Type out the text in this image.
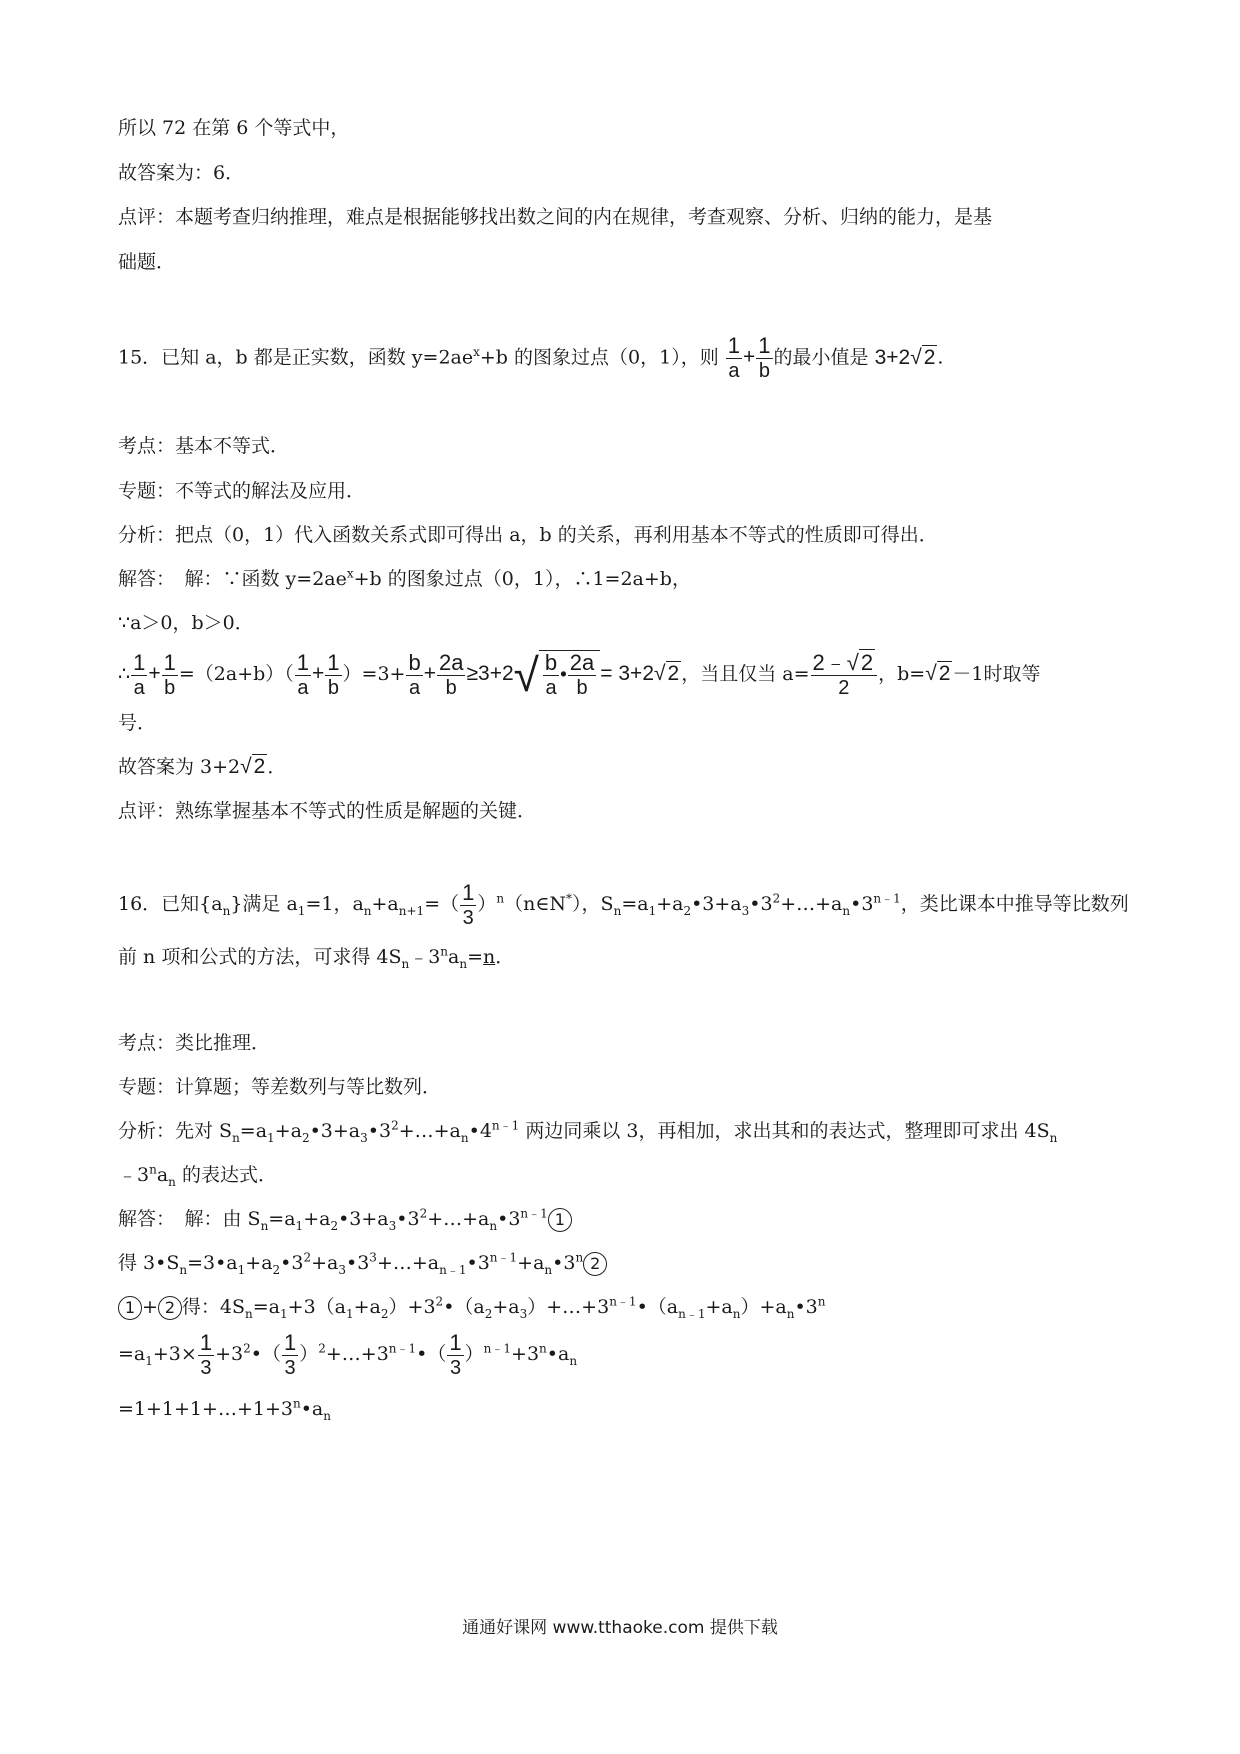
所以 72 在第 6 个等式中，
故答案为：6．
点评：本题考查归纳推理，难点是根据能够找出数之间的内在规律，考查观察、分析、归纳的能力，是基
础题．
15．已知 a，b 都是正实数，函数 $y=2ae^x+b$ 的图象过点（0，1），则 $\frac{1}{a} + \frac{1}{b}$ 的最小值是 3+2√2 .
考点：基本不等式．
专题：不等式的解法及应用．
分析：把点（0，1）代入函数关系式即可得出 a，b 的关系，再利用基本不等式的性质即可得出．
解答：　解：∵函数 $y=2ae^x+b$ 的图象过点（0，1），∴1=2a+b，
∵a＞0，b＞0．
∴ $\frac{1}{a} + \frac{1}{b} =(2a+b)( \frac{1}{a} + \frac{1}{b} )=3+ \frac{b}{a} + \frac{2a}{b} \ge 3+2√ \frac{b}{a}$ • $\frac{2a}{b} = 3+2√2$ ，当且仅当 $a= \frac{2﹣√2}{2}$ ，b=√2 －1时取等
号．
故答案为 3+2√2 ．
点评：熟练掌握基本不等式的性质是解题的关键．
16．已知$\{a_n\}$满足 $a_1=1$，$a_n+a_{n+1}=( \frac{1}{3}$ ）$^n(n\in N^*)$，$S_n=a_1+a_2•3+a_3•3^2+\dots+a_n•3^{n﹣1}$，类比课本中推导等比数列
前 n 项和公式的方法，可求得 $4S_n﹣3^na_n=n$．
考点：类比推理．
专题：计算题；等差数列与等比数列．
分析：先对 $S_n=a_1+a_2•3+a_3•3^2+\dots+a_n•4^{n﹣1}$ 两边同乘以 3，再相加，求出其和的表达式，整理即可求出 $4S_n$
$﹣3^na_n$ 的表达式．
解答：　解：由 $S_n=a_1+a_2•3+a_3•3^2+\dots+a_n•3^{n﹣1}$ 1
得 $3•S_n=3•a_1+a_2•3^2+a_3•3^3+\dots+a_{n﹣1}•3^{n﹣1}+a_n•3^n$ 2
1 + 2 得：$4S_n=a_1+3(a_1+a_2)+3^2•(a_2+a_3)+\dots+3^{n﹣1}•(a_{n﹣1}+a_n)+a_n•3^n$
$=a_1+3\times \frac{1}{3}$ $+3^2•( \frac{1}{3}$ ）$^2+\dots+3^{n﹣1}•( \frac{1}{3}$ ）$^{n﹣1}+3^n•a_n$
$=1+1+1+\dots+1+3^n•a_n$
通通好课网 www.tthaoke.com 提供下载
